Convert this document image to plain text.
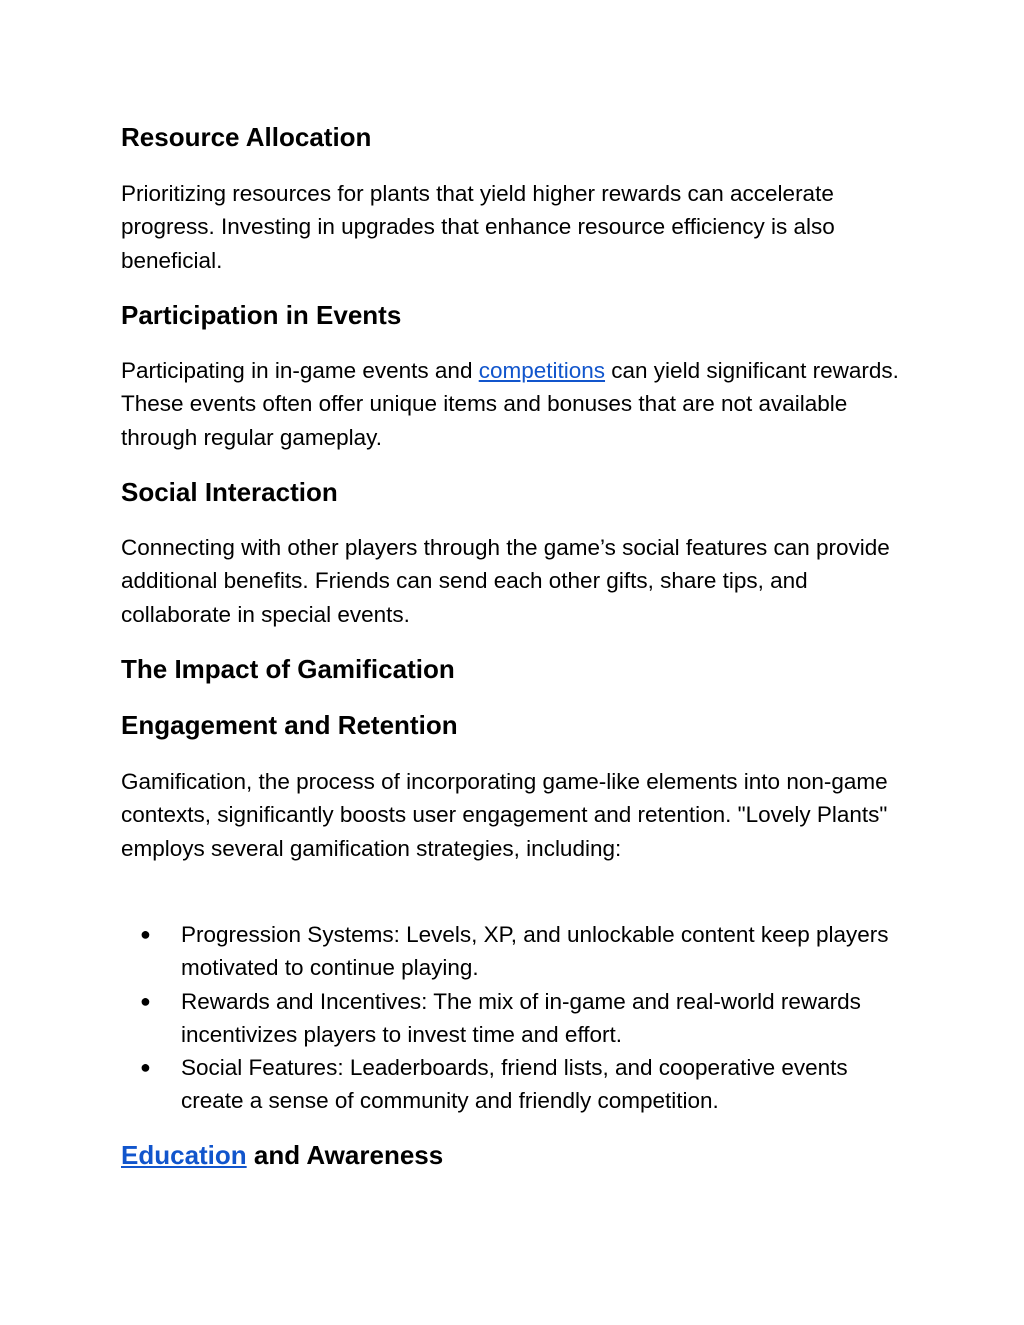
Resource Allocation

Prioritizing resources for plants that yield higher rewards can accelerate progress. Investing in upgrades that enhance resource efficiency is also beneficial.

Participation in Events

Participating in in-game events and competitions can yield significant rewards. These events often offer unique items and bonuses that are not available through regular gameplay.

Social Interaction

Connecting with other players through the game’s social features can provide additional benefits. Friends can send each other gifts, share tips, and collaborate in special events.

The Impact of Gamification
Engagement and Retention

Gamification, the process of incorporating game-like elements into non-game contexts, significantly boosts user engagement and retention. "Lovely Plants" employs several gamification strategies, including:

● Progression Systems: Levels, XP, and unlockable content keep players motivated to continue playing.
● Rewards and Incentives: The mix of in-game and real-world rewards incentivizes players to invest time and effort.
● Social Features: Leaderboards, friend lists, and cooperative events create a sense of community and friendly competition.
Education and Awareness
